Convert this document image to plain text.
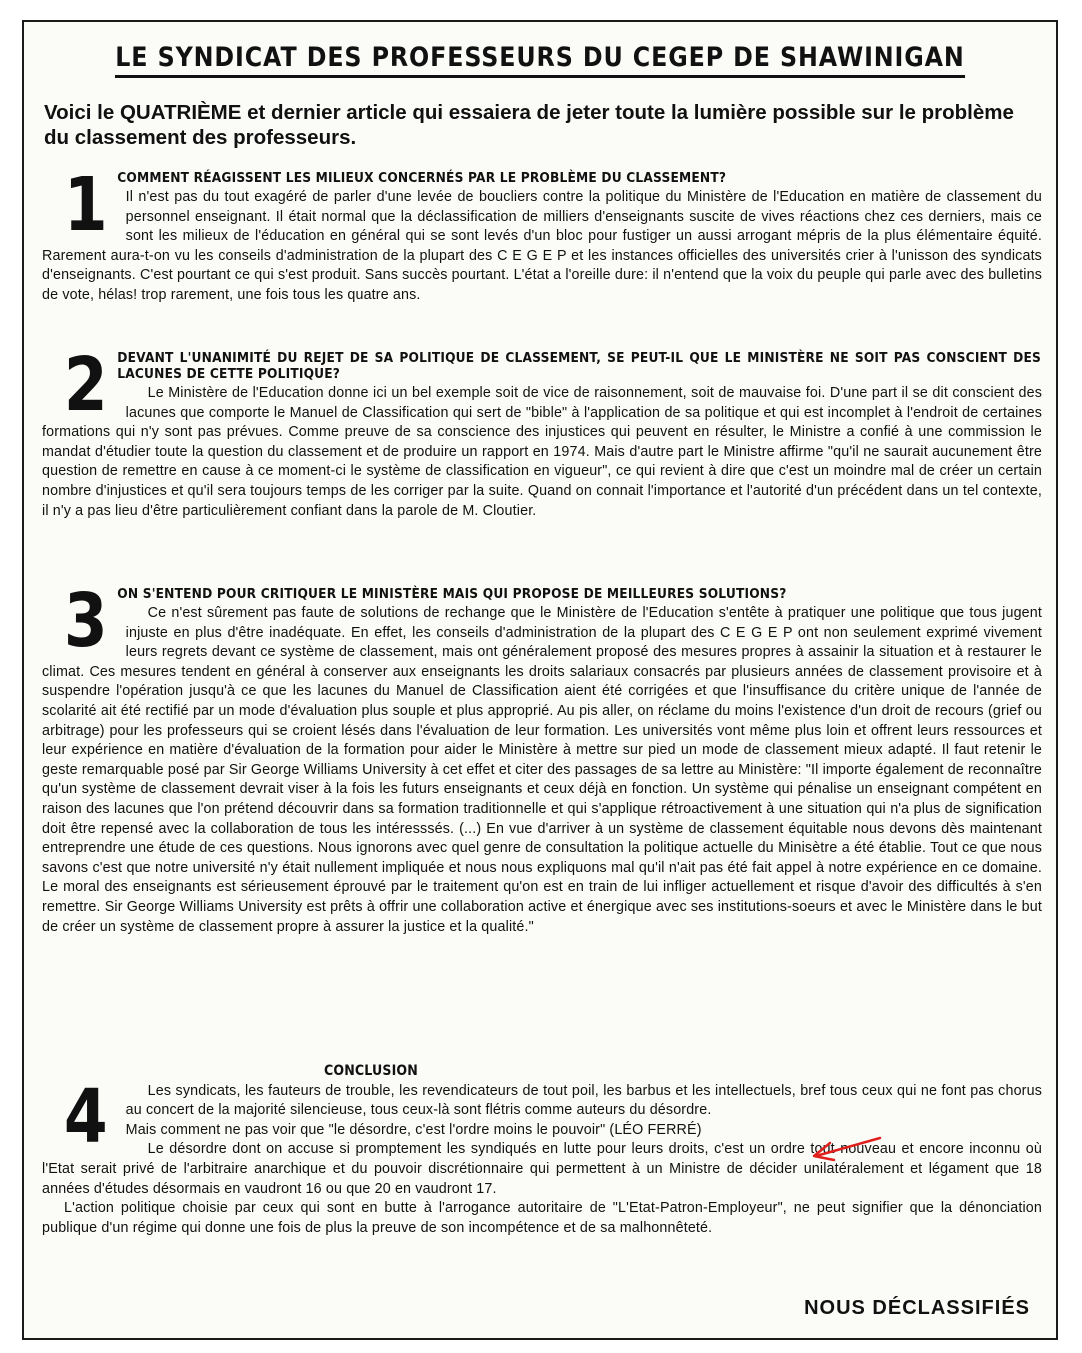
LE SYNDICAT DES PROFESSEURS DU CEGEP DE SHAWINIGAN
Voici le QUATRIÈME et dernier article qui essaiera de jeter toute la lumière possible sur le problème du classement des professeurs.
1 COMMENT RÉAGISSENT LES MILIEUX CONCERNÉS PAR LE PROBLÈME DU CLASSEMENT?

Il n'est pas du tout exagéré de parler d'une levée de boucliers contre la politique du Ministère de l'Education en matière de classement du personnel enseignant. Il était normal que la déclassification de milliers d'enseignants suscite de vives réactions chez ces derniers, mais ce sont les milieux de l'éducation en général qui se sont levés d'un bloc pour fustiger un aussi arrogant mépris de la plus élémentaire équité. Rarement aura-t-on vu les conseils d'administration de la plupart des C E G E P et les instances officielles des universités crier à l'unisson des syndicats d'enseignants. C'est pourtant ce qui s'est produit. Sans succès pourtant. L'état a l'oreille dure: il n'entend que la voix du peuple qui parle avec des bulletins de vote, hélas! trop rarement, une fois tous les quatre ans.

2 DEVANT L'UNANIMITÉ DU REJET DE SA POLITIQUE DE CLASSEMENT, SE PEUT-IL QUE LE MINISTÈRE NE SOIT PAS CONSCIENT DES LACUNES DE CETTE POLITIQUE?

Le Ministère de l'Education donne ici un bel exemple soit de vice de raisonnement, soit de mauvaise foi. D'une part il se dit conscient des lacunes que comporte le Manuel de Classification qui sert de "bible" à l'application de sa politique et qui est incomplet à l'endroit de certaines formations qui n'y sont pas prévues. Comme preuve de sa conscience des injustices qui peuvent en résulter, le Ministre a confié à une commission le mandat d'étudier toute la question du classement et de produire un rapport en 1974. Mais d'autre part le Ministre affirme "qu'il ne saurait aucunement être question de remettre en cause à ce moment-ci le système de classification en vigueur", ce qui revient à dire que c'est un moindre mal de créer un certain nombre d'injustices et qu'il sera toujours temps de les corriger par la suite. Quand on connait l'importance et l'autorité d'un précédent dans un tel contexte, il n'y a pas lieu d'être particulièrement confiant dans la parole de M. Cloutier.

3 ON S'ENTEND POUR CRITIQUER LE MINISTÈRE MAIS QUI PROPOSE DE MEILLEURES SOLUTIONS?

Ce n'est sûrement pas faute de solutions de rechange que le Ministère de l'Education s'entête à pratiquer une politique que tous jugent injuste en plus d'être inadéquate. En effet, les conseils d'administration de la plupart des C E G E P ont non seulement exprimé vivement leurs regrets devant ce système de classement, mais ont généralement proposé des mesures propres à assainir la situation et à restaurer le climat. Ces mesures tendent en général à conserver aux enseignants les droits salariaux consacrés par plusieurs années de classement provisoire et à suspendre l'opération jusqu'à ce que les lacunes du Manuel de Classification aient été corrigées et que l'insuffisance du critère unique de l'année de scolarité ait été rectifié par un mode d'évaluation plus souple et plus approprié. Au pis aller, on réclame du moins l'existence d'un droit de recours (grief ou arbitrage) pour les professeurs qui se croient lésés dans l'évaluation de leur formation. Les universités vont même plus loin et offrent leurs ressources et leur expérience en matière d'évaluation de la formation pour aider le Ministère à mettre sur pied un mode de classement mieux adapté. Il faut retenir le geste remarquable posé par Sir George Williams University à cet effet et citer des passages de sa lettre au Ministère: "Il importe également de reconnaître qu'un système de classement devrait viser à la fois les futurs enseignants et ceux déjà en fonction. Un système qui pénalise un enseignant compétent en raison des lacunes que l'on prétend découvrir dans sa formation traditionnelle et qui s'applique rétroactivement à une situation qui n'a plus de signification doit être repensé avec la collaboration de tous les intéresssés. (...) En vue d'arriver à un système de classement équitable nous devons dès maintenant entreprendre une étude de ces questions. Nous ignorons avec quel genre de consultation la politique actuelle du Minisètre a été établie. Tout ce que nous savons c'est que notre université n'y était nullement impliquée et nous nous expliquons mal qu'il n'ait pas été fait appel à notre expérience en ce domaine. Le moral des enseignants est sérieusement éprouvé par le traitement qu'on est en train de lui infliger actuellement et risque d'avoir des difficultés à s'en remettre. Sir George Williams University est prêts à offrir une collaboration active et énergique avec ses institutions-soeurs et avec le Ministère dans le but de créer un système de classement propre à assurer la justice et la qualité."

CONCLUSION
4	Les syndicats, les fauteurs de trouble, les revendicateurs de tout poil, les barbus et les intellectuels, bref tous ceux qui ne font pas chorus au concert de la majorité silencieuse, tous ceux-là sont flétris comme auteurs du désordre.

Mais comment ne pas voir que "le désordre, c'est l'ordre moins le pouvoir" (LÉO FERRÉ)

Le désordre dont on accuse si promptement les syndiqués en lutte pour leurs droits, c'est un ordre tout nouveau et encore inconnu où l'Etat serait privé de l'arbitraire anarchique et du pouvoir discrétionnaire qui permettent à un Ministre de décider unilatéralement et légament que 18 années d'études désormais en vaudront 16 ou que 20 en vaudront 17.

L'action politique choisie par ceux qui sont en butte à l'arrogance autoritaire de "L'Etat-Patron-Employeur", ne peut signifier que la dénonciation publique d'un régime qui donne une fois de plus la preuve de son incompétence et de sa malhonnêteté.

NOUS DÉCLASSIFIÉS
